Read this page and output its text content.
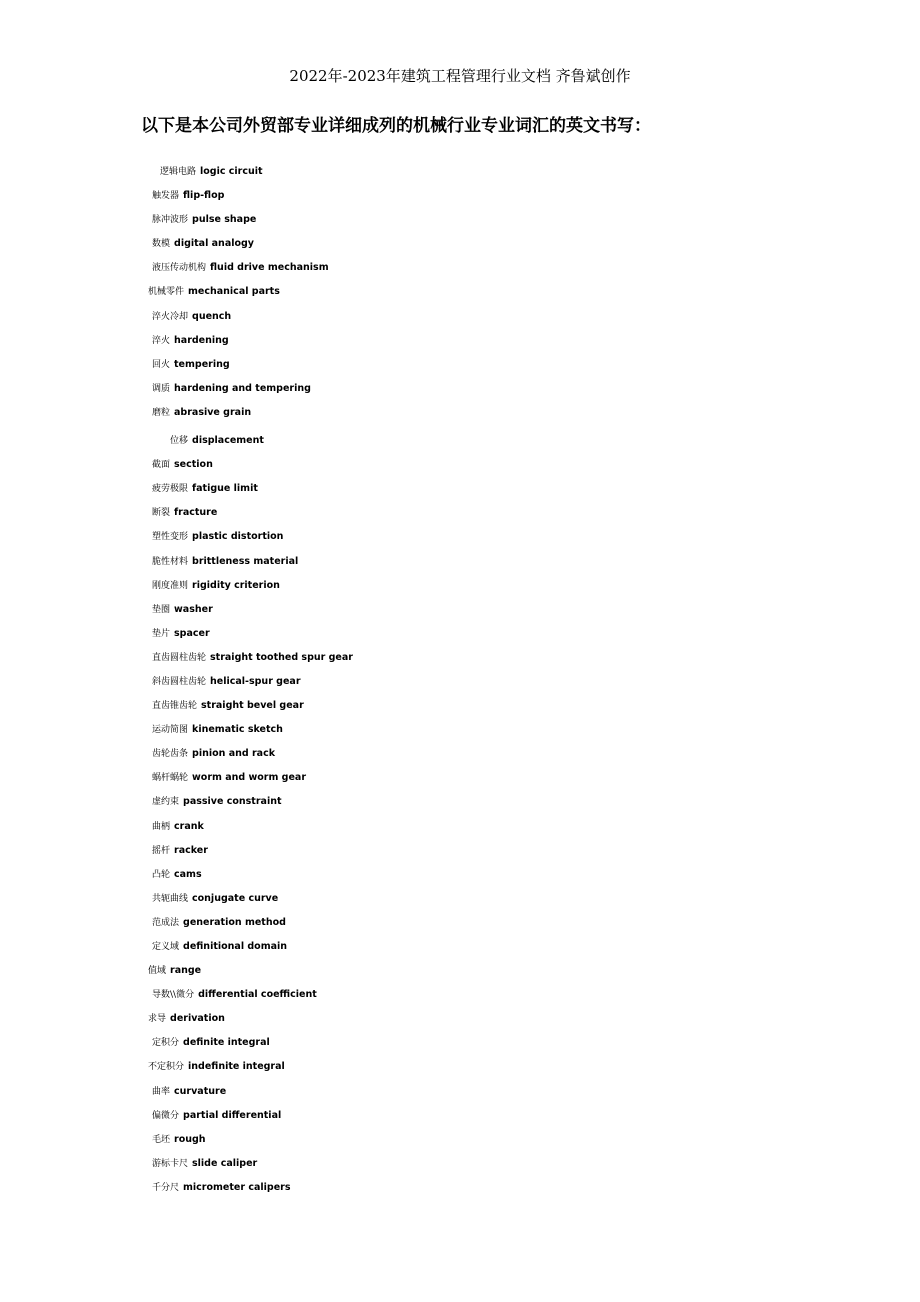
2022年-2023年建筑工程管理行业文档 齐鲁斌创作

以下是本公司外贸部专业详细成列的机械行业专业词汇的英文书写：
逻辑电路 logic circuit
触发器 flip-flop
脉冲波形 pulse shape
数模 digital analogy
液压传动机构 fluid drive mechanism
机械零件 mechanical parts
淬火冷却 quench
淬火 hardening
回火 tempering
调质 hardening and tempering
磨粒 abrasive grain
位移 displacement
截面 section
疲劳极限 fatigue limit
断裂 fracture
塑性变形 plastic distortion
脆性材料 brittleness material
刚度准则 rigidity criterion
垫圈 washer
垫片 spacer
直齿圆柱齿轮 straight toothed spur gear
斜齿圆柱齿轮 helical-spur gear
直齿锥齿轮 straight bevel gear
运动简图 kinematic sketch
齿轮齿条 pinion and rack
蜗杆蜗轮 worm and worm gear
虚约束 passive constraint
曲柄 crank
摇杆 racker
凸轮 cams
共轭曲线 conjugate curve
范成法 generation method
定义域 definitional domain
值域 range
导数\\微分 differential coefficient
求导 derivation
定积分 definite integral
不定积分 indefinite integral
曲率 curvature
偏微分 partial differential
毛坯 rough
游标卡尺 slide caliper
千分尺 micrometer calipers
